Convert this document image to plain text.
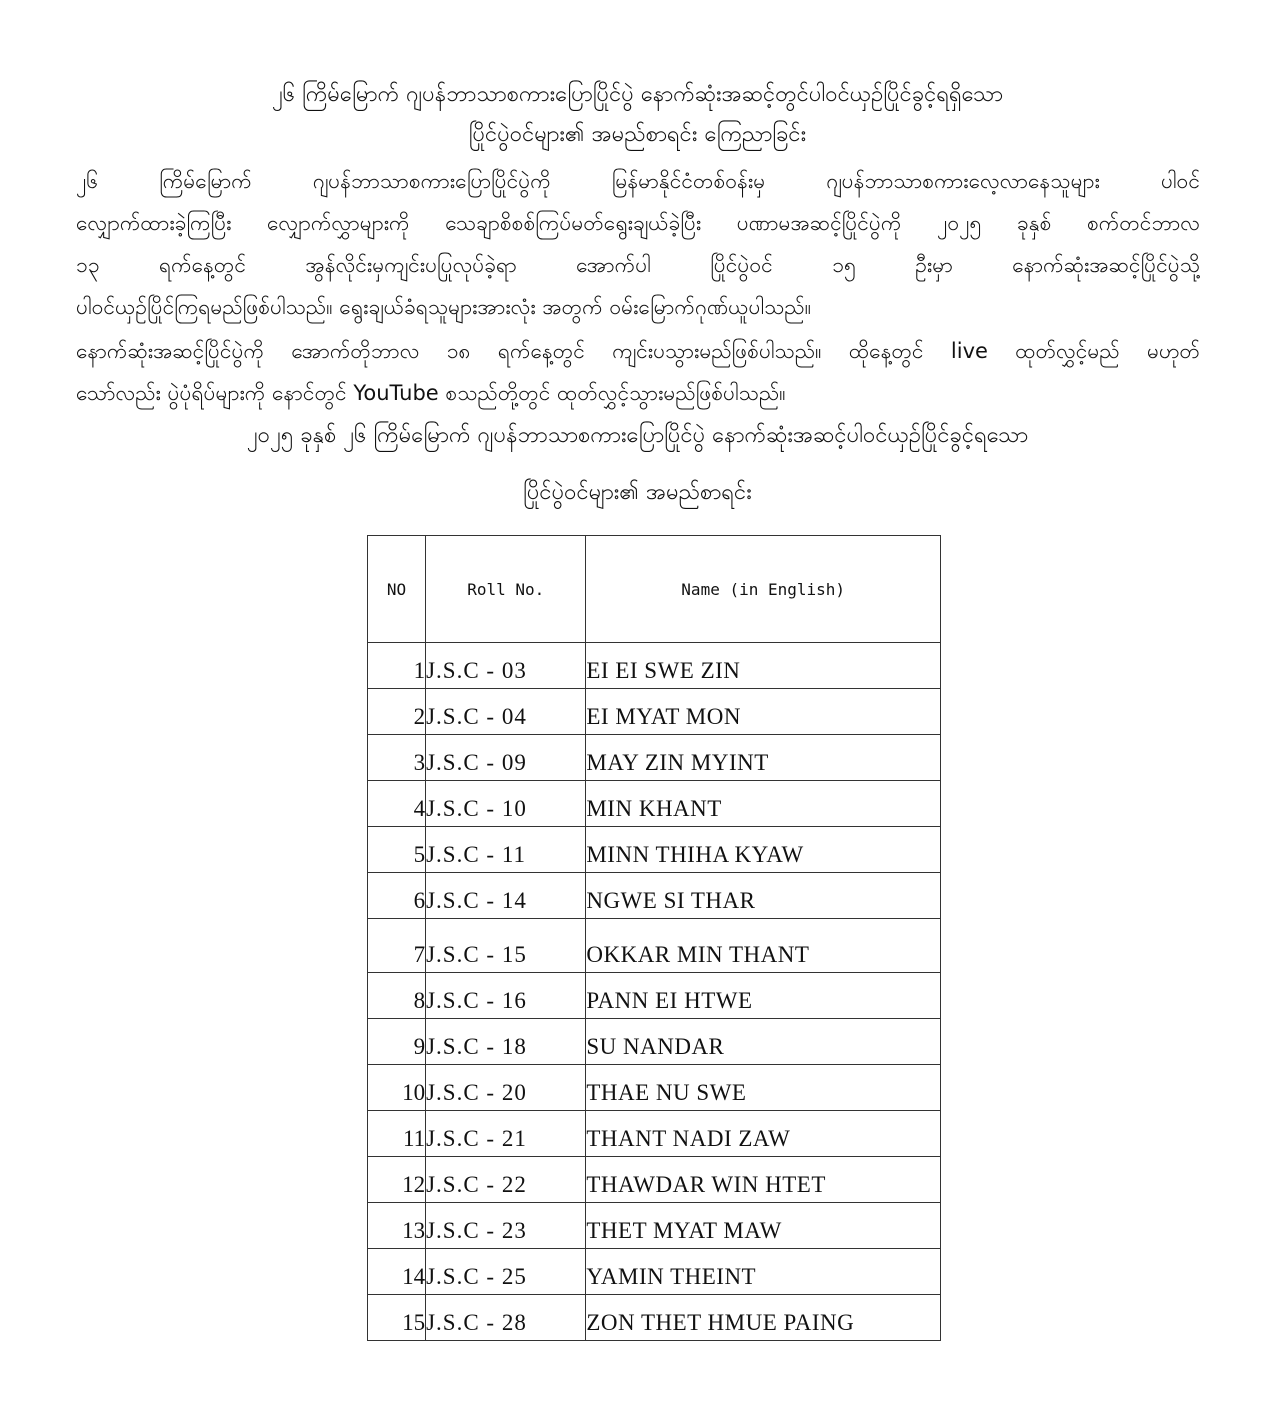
၂၆ ကြိမ်မြောက် ဂျပန်ဘာသာစကားပြောပြိုင်ပွဲ နောက်ဆုံးအဆင့်တွင်ပါဝင်ယှဉ်ပြိုင်ခွင့်ရရှိသော
ပြိုင်ပွဲဝင်များ၏ အမည်စာရင်း ကြေညာခြင်း
၂၆ ကြိမ်မြောက် ဂျပန်ဘာသာစကားပြောပြိုင်ပွဲကို မြန်မာနိုင်ငံတစ်ဝန်းမှ ဂျပန်ဘာသာစကားလေ့လာနေသူများ ပါဝင်
လျှောက်ထားခဲ့ကြပြီး လျှောက်လွှာများကို သေချာစိစစ်ကြပ်မတ်ရွေးချယ်ခဲ့ပြီး ပဏာမအဆင့်ပြိုင်ပွဲကို ၂၀၂၅ ခုနှစ် စက်တင်ဘာလ
၁၃ ရက်နေ့တွင် အွန်လိုင်းမှကျင်းပပြုလုပ်ခဲ့ရာ အောက်ပါ ပြိုင်ပွဲဝင် ၁၅ ဦးမှာ နောက်ဆုံးအဆင့်ပြိုင်ပွဲသို့
ပါဝင်ယှဉ်ပြိုင်ကြရမည်ဖြစ်ပါသည်။ ရွေးချယ်ခံရသူများအားလုံး အတွက် ဝမ်းမြောက်ဂုဏ်ယူပါသည်။
နောက်ဆုံးအဆင့်ပြိုင်ပွဲကို အောက်တိုဘာလ ၁၈ ရက်နေ့တွင် ကျင်းပသွားမည်ဖြစ်ပါသည်။ ထိုနေ့တွင် live ထုတ်လွှင့်မည် မဟုတ်
သော်လည်း ပွဲပုံရိပ်များကို နောင်တွင် YouTube စသည်တို့တွင် ထုတ်လွှင့်သွားမည်ဖြစ်ပါသည်။
၂၀၂၅ ခုနှစ် ၂၆ ကြိမ်မြောက် ဂျပန်ဘာသာစကားပြောပြိုင်ပွဲ နောက်ဆုံးအဆင့်ပါဝင်ယှဉ်ပြိုင်ခွင့်ရသော
ပြိုင်ပွဲဝင်များ၏ အမည်စာရင်း
NO	Roll No.	Name (in English)
1	J.S.C - 03	EI EI SWE ZIN
2	J.S.C - 04	EI MYAT MON
3	J.S.C - 09	MAY ZIN MYINT
4	J.S.C - 10	MIN KHANT
5	J.S.C - 11	MINN THIHA KYAW
6	J.S.C - 14	NGWE SI THAR
7	J.S.C - 15	OKKAR MIN THANT
8	J.S.C - 16	PANN EI HTWE
9	J.S.C - 18	SU NANDAR
10	J.S.C - 20	THAE NU SWE
11	J.S.C - 21	THANT NADI ZAW
12	J.S.C - 22	THAWDAR WIN HTET
13	J.S.C - 23	THET MYAT MAW
14	J.S.C - 25	YAMIN THEINT
15	J.S.C - 28	ZON THET HMUE PAING
